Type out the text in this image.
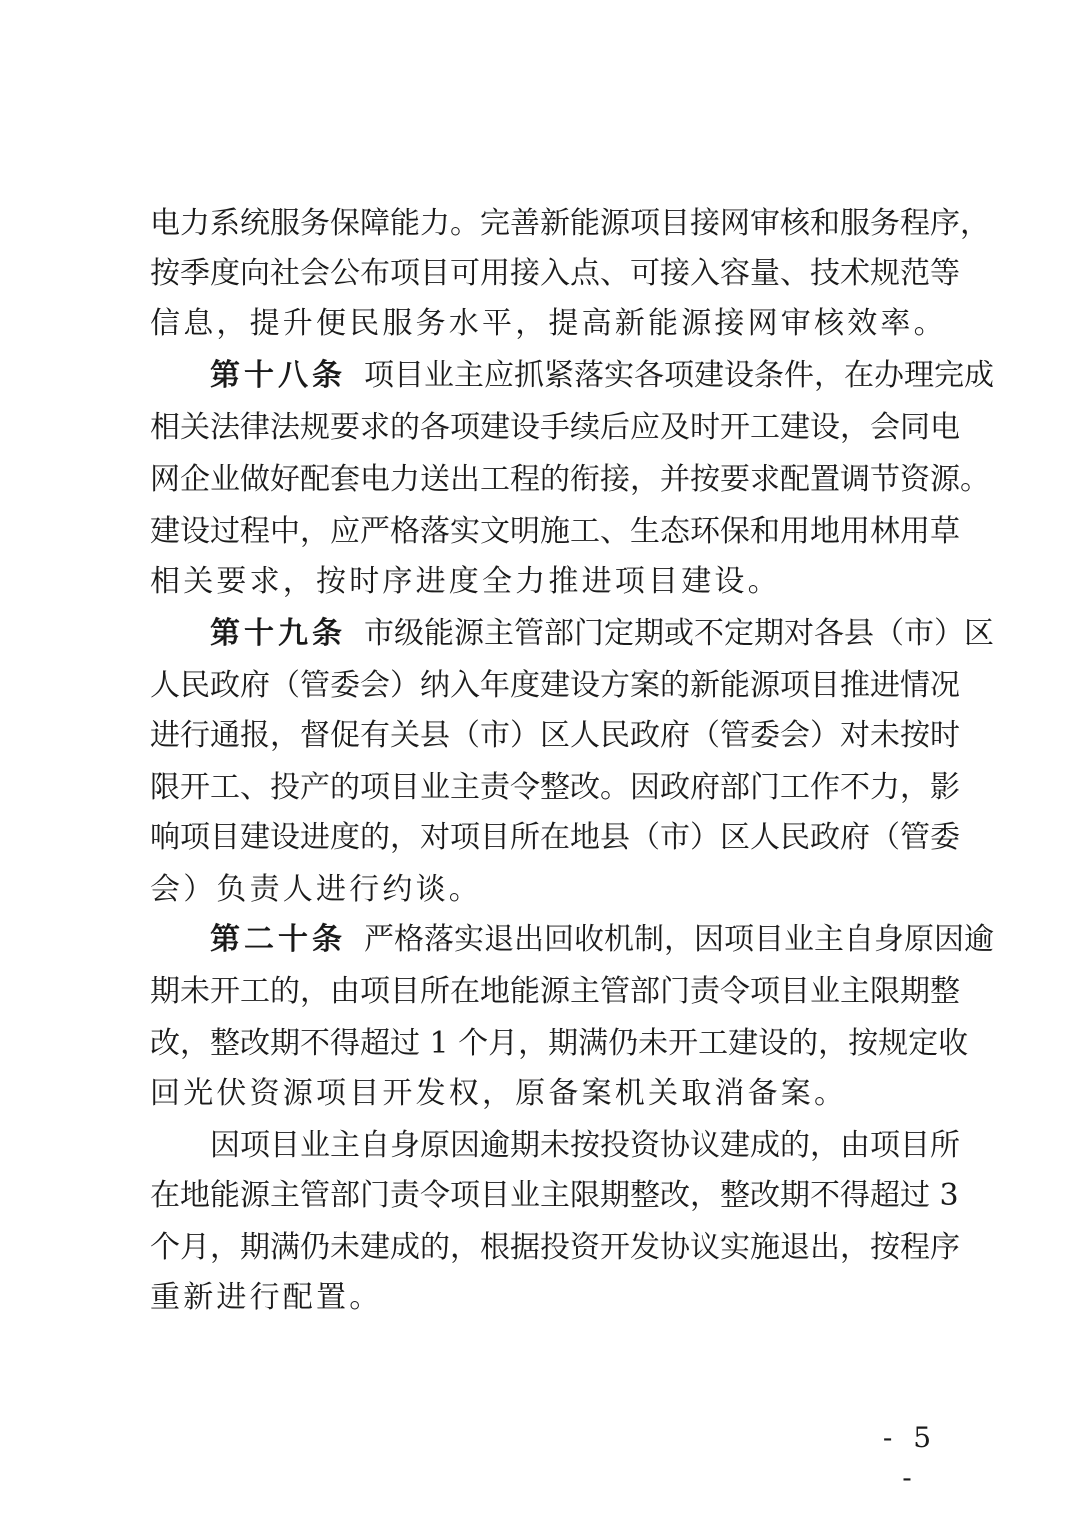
电力系统服务保障能力。完善新能源项目接网审核和服务程序，
按季度向社会公布项目可用接入点、可接入容量、技术规范等
信息，提升便民服务水平，提高新能源接网审核效率。
第十八条 项目业主应抓紧落实各项建设条件，在办理完成
相关法律法规要求的各项建设手续后应及时开工建设，会同电
网企业做好配套电力送出工程的衔接，并按要求配置调节资源。
建设过程中，应严格落实文明施工、生态环保和用地用林用草
相关要求，按时序进度全力推进项目建设。
第十九条 市级能源主管部门定期或不定期对各县（市）区
人民政府（管委会）纳入年度建设方案的新能源项目推进情况
进行通报，督促有关县（市）区人民政府（管委会）对未按时
限开工、投产的项目业主责令整改。因政府部门工作不力，影
响项目建设进度的，对项目所在地县（市）区人民政府（管委
会）负责人进行约谈。
第二十条 严格落实退出回收机制，因项目业主自身原因逾
期未开工的，由项目所在地能源主管部门责令项目业主限期整
改，整改期不得超过 1 个月，期满仍未开工建设的，按规定收
回光伏资源项目开发权，原备案机关取消备案。
因项目业主自身原因逾期未按投资协议建成的，由项目所
在地能源主管部门责令项目业主限期整改，整改期不得超过 3
个月，期满仍未建成的，根据投资开发协议实施退出，按程序
重新进行配置。
- 5 -
